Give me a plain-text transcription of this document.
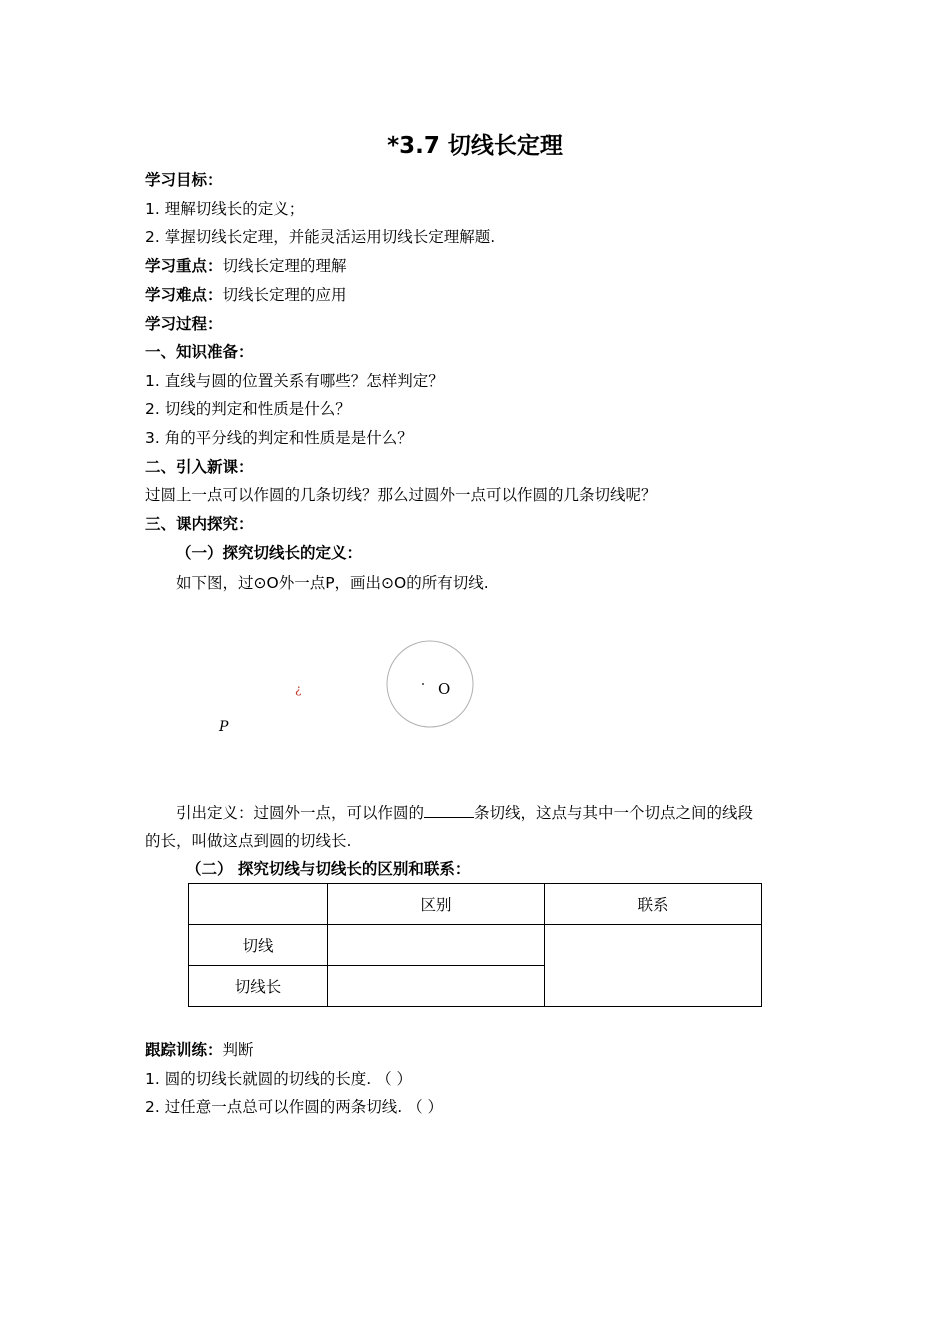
*3.7 切线长定理
学习目标：
1. 理解切线长的定义；
2. 掌握切线长定理，并能灵活运用切线长定理解题.
学习重点：切线长定理的理解
学习难点：切线长定理的应用
学习过程：
一、知识准备：
1. 直线与圆的位置关系有哪些？怎样判定？
2. 切线的判定和性质是什么？
3. 角的平分线的判定和性质是是什么？
二、引入新课：
过圆上一点可以作圆的几条切线？那么过圆外一点可以作圆的几条切线呢？
三、课内探究：
（一）探究切线长的定义：
如下图，过⊙O外一点P，画出⊙O的所有切线.
O
¿
P
引出定义：过圆外一点，可以作圆的	条切线，这点与其中一个切点之间的线段
的长，叫做这点到圆的切线长.
（二） 探究切线与切线长的区别和联系：
	区别	联系
切线		
切线长		
跟踪训练：判断
1. 圆的切线长就圆的切线的长度. （ ）
2. 过任意一点总可以作圆的两条切线. （ ）
